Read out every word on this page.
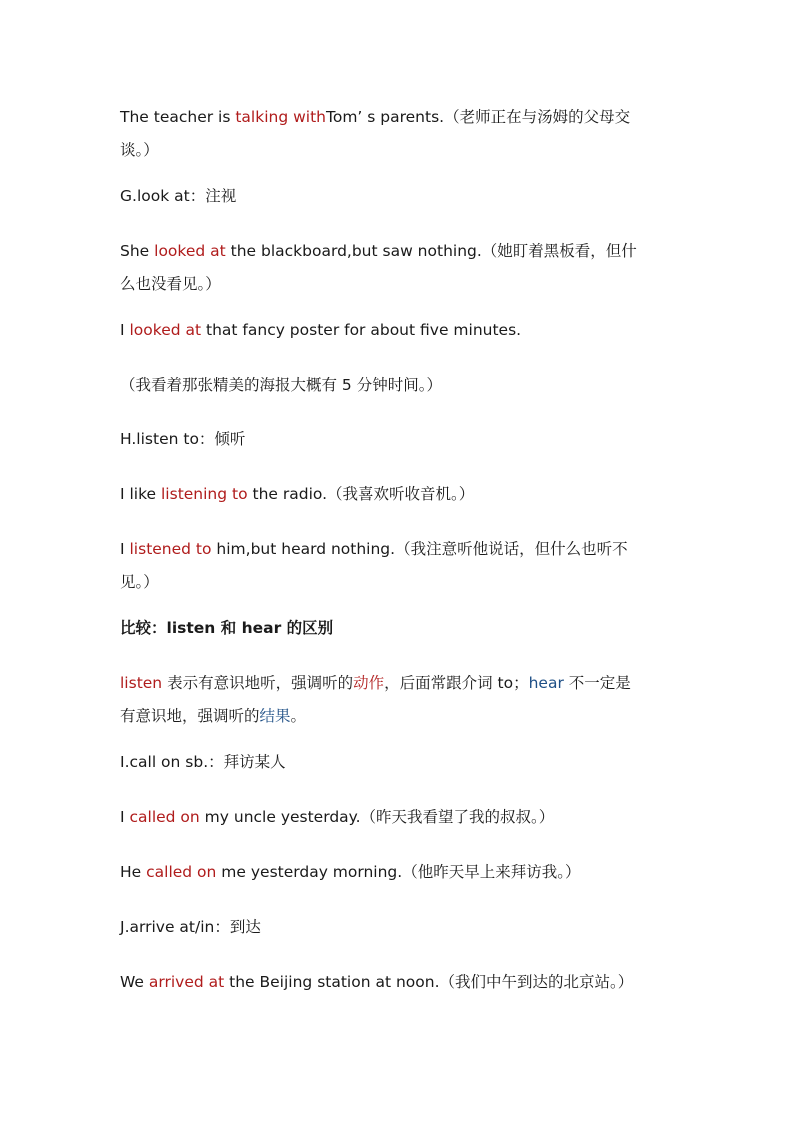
The teacher is talking withTom’ s parents.（老师正在与汤姆的父母交
谈。）
G.look at：注视
She looked at the blackboard,but saw nothing.（她盯着黑板看，但什
么也没看见。）
I looked at that fancy poster for about five minutes.
（我看着那张精美的海报大概有 5 分钟时间。）
H.listen to：倾听
I like listening to the radio.（我喜欢听收音机。）
I listened to him,but heard nothing.（我注意听他说话，但什么也听不
见。）
比较：listen 和 hear 的区别
listen 表示有意识地听，强调听的动作，后面常跟介词 to；hear 不一定是
有意识地，强调听的结果。
I.call on sb.：拜访某人
I called on my uncle yesterday.（昨天我看望了我的叔叔。）
He called on me yesterday morning.（他昨天早上来拜访我。）
J.arrive at/in：到达
We arrived at the Beijing station at noon.（我们中午到达的北京站。）
